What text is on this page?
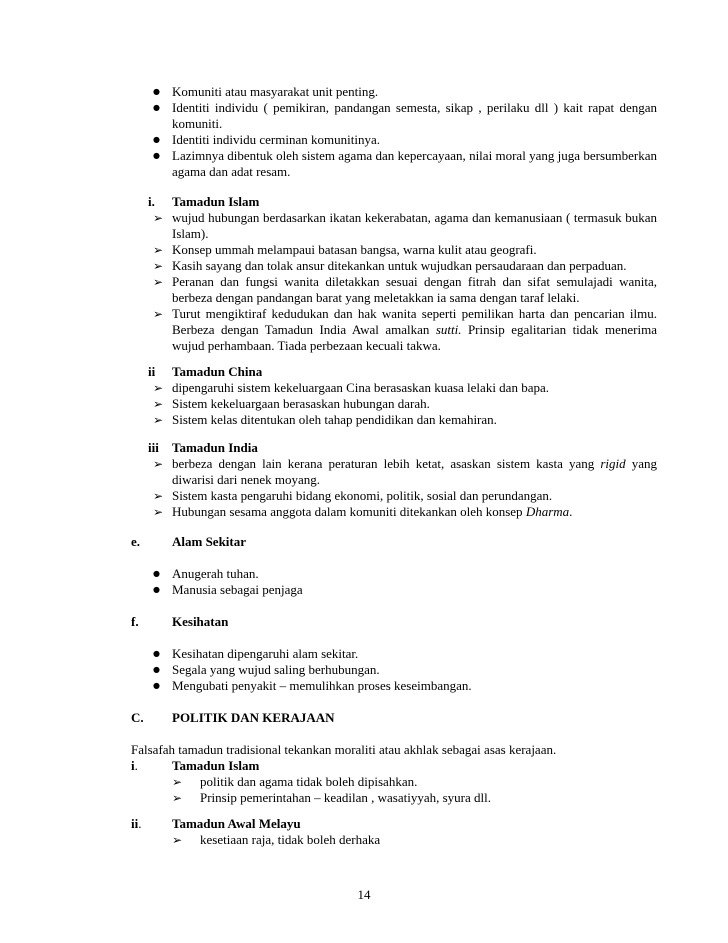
● Komuniti atau masyarakat unit penting.
● Identiti individu ( pemikiran, pandangan semesta, sikap , perilaku dll ) kait rapat dengan komuniti.
● Identiti individu cerminan komunitinya.
● Lazimnya dibentuk oleh sistem agama dan kepercayaan, nilai moral yang juga bersumberkan agama dan adat resam.
i. Tamadun Islam
➢ wujud hubungan berdasarkan ikatan kekerabatan, agama dan kemanusiaan ( termasuk bukan Islam).
➢ Konsep ummah melampaui batasan bangsa, warna kulit atau geografi.
➢ Kasih sayang dan tolak ansur ditekankan untuk wujudkan persaudaraan dan perpaduan.
➢ Peranan dan fungsi wanita diletakkan sesuai dengan fitrah dan sifat semulajadi wanita, berbeza dengan pandangan barat yang meletakkan ia sama dengan taraf lelaki.
➢ Turut mengiktiraf kedudukan dan hak wanita seperti pemilikan harta dan pencarian ilmu. Berbeza dengan Tamadun India Awal amalkan sutti. Prinsip egalitarian tidak menerima wujud perhambaan. Tiada perbezaan kecuali takwa.
ii Tamadun China
➢ dipengaruhi sistem kekeluargaan Cina berasaskan kuasa lelaki dan bapa.
➢ Sistem kekeluargaan berasaskan hubungan darah.
➢ Sistem kelas ditentukan oleh tahap pendidikan dan kemahiran.
iii Tamadun India
➢ berbeza dengan lain kerana peraturan lebih ketat, asaskan sistem kasta yang rigid yang diwarisi dari nenek moyang.
➢ Sistem kasta pengaruhi bidang ekonomi, politik, sosial dan perundangan.
➢ Hubungan sesama anggota dalam komuniti ditekankan oleh konsep Dharma.
e. Alam Sekitar
● Anugerah tuhan.
● Manusia sebagai penjaga
f.	Kesihatan
● Kesihatan dipengaruhi alam sekitar.
● Segala yang wujud saling berhubungan.
● Mengubati penyakit – memulihkan proses keseimbangan.
C. POLITIK DAN KERAJAAN
Falsafah tamadun tradisional tekankan moraliti atau akhlak sebagai asas kerajaan.
i.	Tamadun Islam
➢ politik dan agama tidak boleh dipisahkan.
➢ Prinsip pemerintahan – keadilan , wasatiyyah, syura dll.
ii. Tamadun Awal Melayu
➢ kesetiaan raja, tidak boleh derhaka
14
